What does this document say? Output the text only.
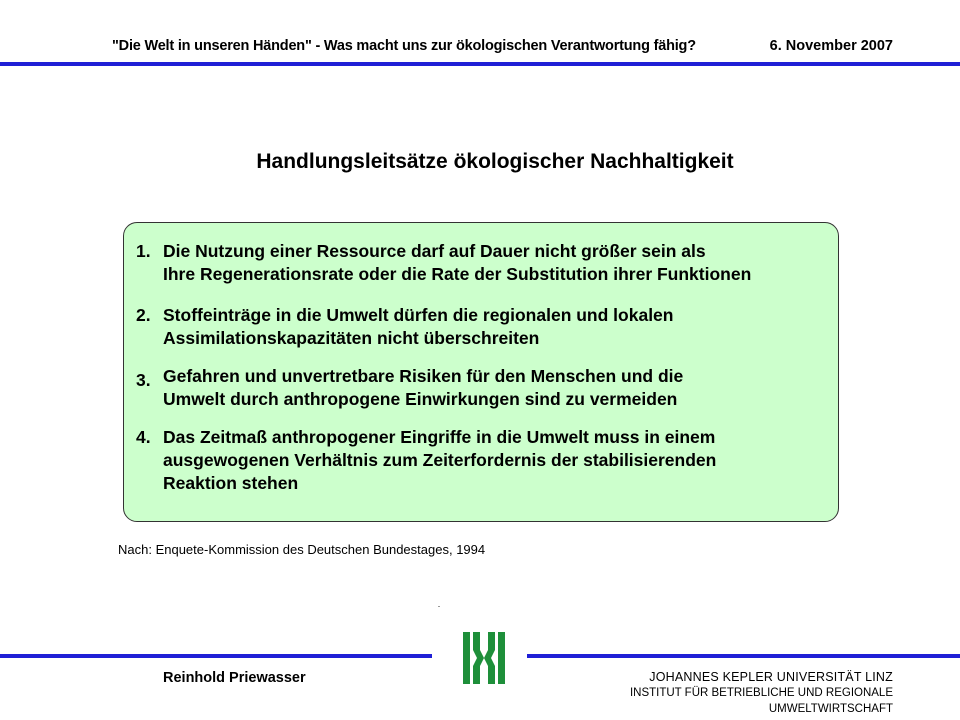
"Die Welt in unseren Händen" - Was macht uns zur ökologischen Verantwortung fähig?	6. November 2007
Handlungsleitsätze ökologischer Nachhaltigkeit
1. Die Nutzung einer Ressource darf auf Dauer nicht größer sein als
Ihre Regenerationsrate oder die Rate der Substitution ihrer Funktionen
2. Stoffeinträge in die Umwelt dürfen die regionalen und lokalen
Assimilationskapazitäten nicht überschreiten
3. Gefahren und unvertretbare Risiken für den Menschen und die
Umwelt durch anthropogene Einwirkungen sind zu vermeiden
4. Das Zeitmaß anthropogener Eingriffe in die Umwelt muss in einem
ausgewogenen Verhältnis zum Zeiterfordernis der stabilisierenden
Reaktion stehen
Nach: Enquete-Kommission des Deutschen Bundestages, 1994
Reinhold Priewasser	JOHANNES KEPLER UNIVERSITÄT LINZ
INSTITUT FÜR BETRIEBLICHE UND REGIONALE
UMWELTWIRTSCHAFT
